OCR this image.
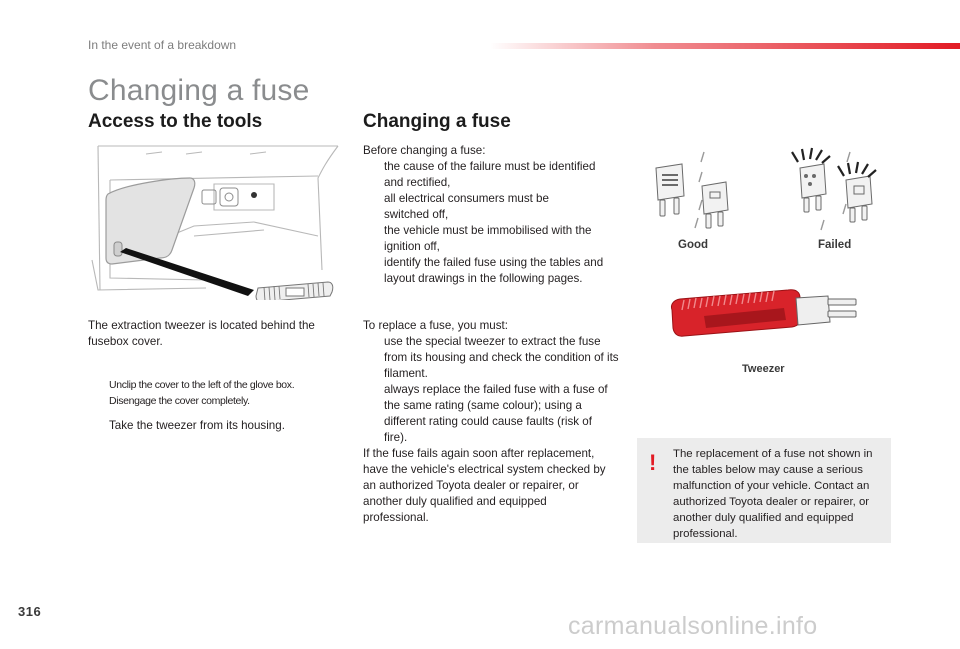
In the event of a breakdown
Changing a fuse
Access to the tools
The extraction tweezer is located behind the fusebox cover.
Unclip the cover to the left of the glove box.
Disengage the cover completely.
Take the tweezer from its housing.
Changing a fuse
Before changing a fuse:
the cause of the failure must be identified and rectified,
all electrical consumers must be switched off,
the vehicle must be immobilised with the ignition off,
identify the failed fuse using the tables and layout drawings in the following pages.
To replace a fuse, you must:
use the special tweezer to extract the fuse from its housing and check the condition of its filament.
always replace the failed fuse with a fuse of the same rating (same colour); using a different rating could cause faults (risk of fire).
If the fuse fails again soon after replacement, have the vehicle's electrical system checked by an authorized Toyota dealer or repairer, or another duly qualified and equipped professional.
Good	Failed
Tweezer
! The replacement of a fuse not shown in the tables below may cause a serious malfunction of your vehicle. Contact an authorized Toyota dealer or repairer, or another duly qualified and equipped professional.
316
carmanualsonline.info
